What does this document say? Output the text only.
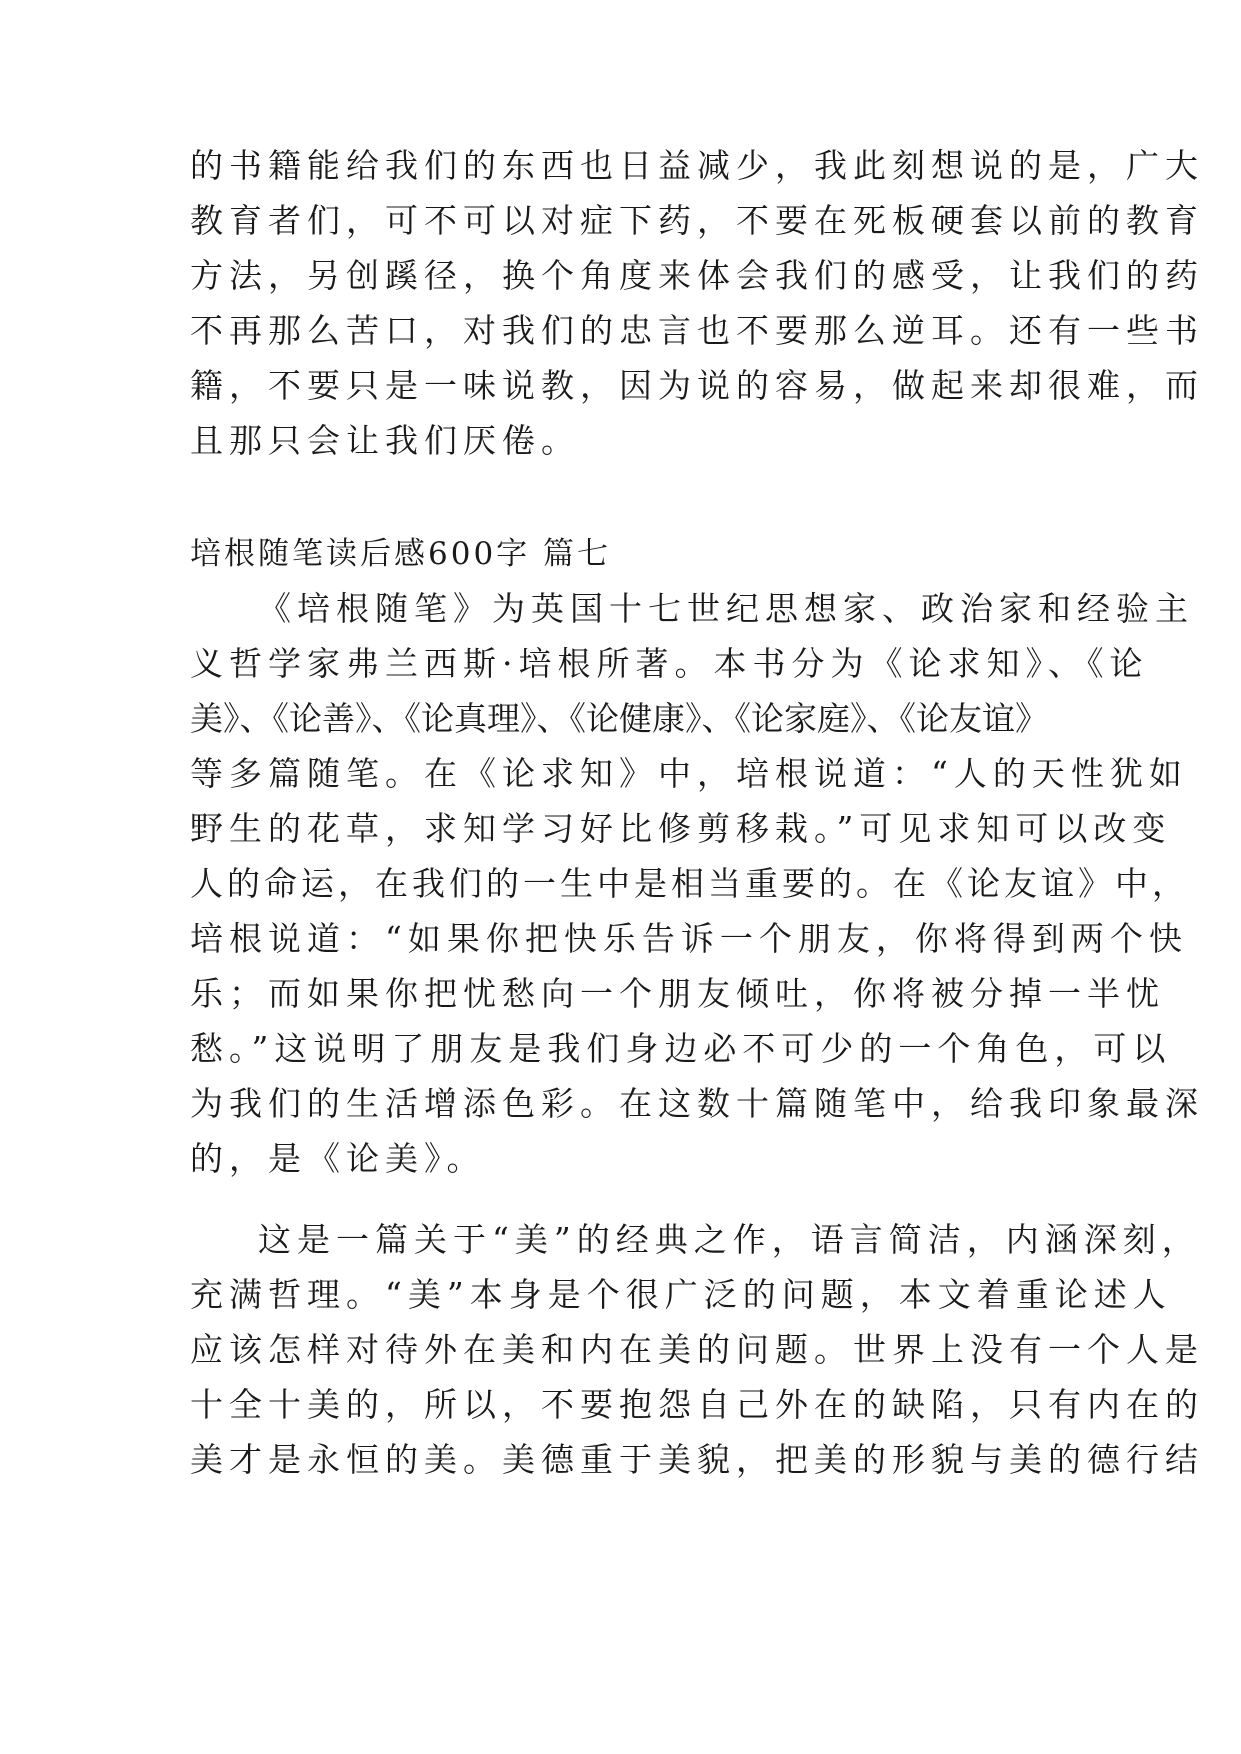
的书籍能给我们的东西也日益减少，我此刻想说的是，广大
教育者们，可不可以对症下药，不要在死板硬套以前的教育
方法，另创蹊径，换个角度来体会我们的感受，让我们的药
不再那么苦口，对我们的忠言也不要那么逆耳。还有一些书
籍，不要只是一味说教，因为说的容易，做起来却很难，而
且那只会让我们厌倦。
培根随笔读后感600字 篇七
《培根随笔》为英国十七世纪思想家、政治家和经验主
义哲学家弗兰西斯·培根所著。本书分为《论求知》、《论
美》、《论善》、《论真理》、《论健康》、《论家庭》、《论友谊》
等多篇随笔。在《论求知》中，培根说道：“人的天性犹如
野生的花草，求知学习好比修剪移栽。”可见求知可以改变
人的命运，在我们的一生中是相当重要的。在《论友谊》中，
培根说道：“如果你把快乐告诉一个朋友，你将得到两个快
乐；而如果你把忧愁向一个朋友倾吐，你将被分掉一半忧
愁。”这说明了朋友是我们身边必不可少的一个角色，可以
为我们的生活增添色彩。在这数十篇随笔中，给我印象最深
的，是《论美》。
这是一篇关于“美”的经典之作，语言简洁，内涵深刻，
充满哲理。“美”本身是个很广泛的问题，本文着重论述人
应该怎样对待外在美和内在美的问题。世界上没有一个人是
十全十美的，所以，不要抱怨自己外在的缺陷，只有内在的
美才是永恒的美。美德重于美貌，把美的形貌与美的德行结
